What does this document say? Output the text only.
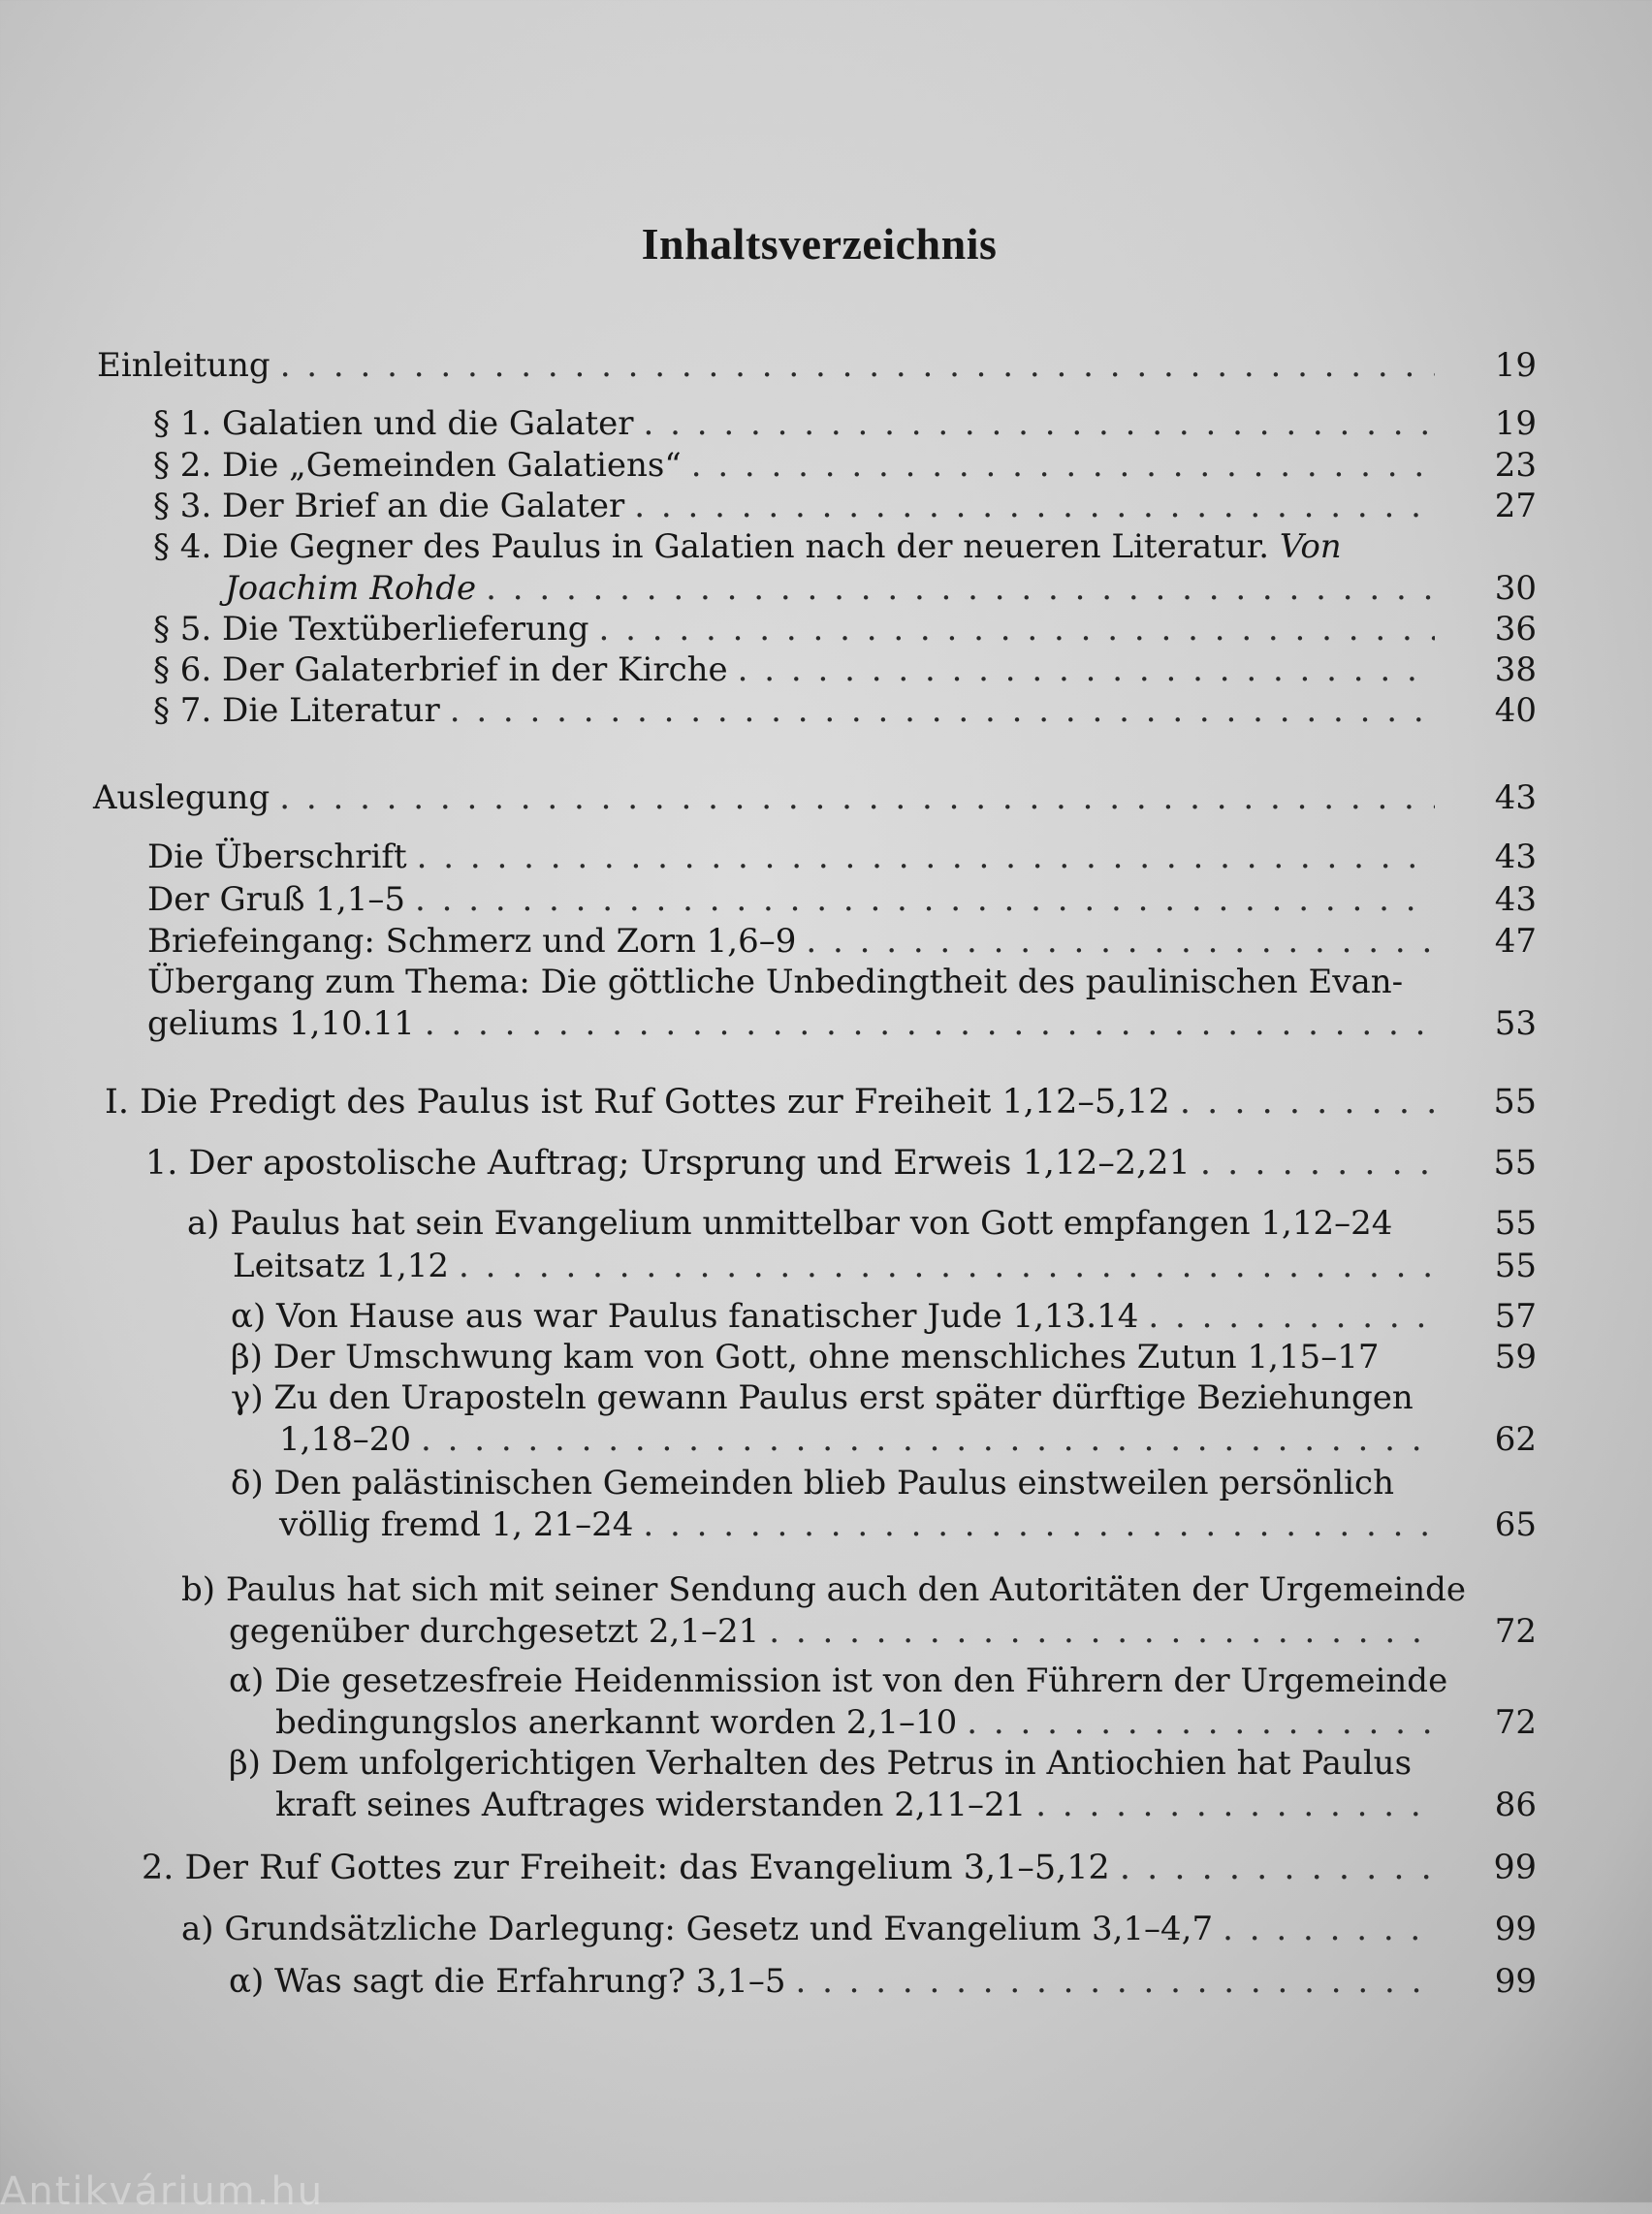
Inhaltsverzeichnis
Einleitung . . .	19
§ 1. Galatien und die Galater . . .	19
§ 2. Die „Gemeinden Galatiens“ . . .	23
§ 3. Der Brief an die Galater . . .	27
§ 4. Die Gegner des Paulus in Galatien nach der neueren Literatur. Von
Joachim Rohde . . .	30
§ 5. Die Textüberlieferung . . .	36
§ 6. Der Galaterbrief in der Kirche . . .	38
§ 7. Die Literatur . . .	40
Auslegung . . .	43
Die Überschrift . . .	43
Der Gruß 1,1–5 . . .	43
Briefeingang: Schmerz und Zorn 1,6–9 . . .	47
Übergang zum Thema: Die göttliche Unbedingtheit des paulinischen Evan-
geliums 1,10.11 . . .	53
I. Die Predigt des Paulus ist Ruf Gottes zur Freiheit 1,12–5,12 . . .	55
1. Der apostolische Auftrag; Ursprung und Erweis 1,12–2,21 . . .	55
a) Paulus hat sein Evangelium unmittelbar von Gott empfangen 1,12–24	55
Leitsatz 1,12 . . .	55
α) Von Hause aus war Paulus fanatischer Jude 1,13.14 . . .	57
β) Der Umschwung kam von Gott, ohne menschliches Zutun 1,15–17	59
γ) Zu den Uraposteln gewann Paulus erst später dürftige Beziehungen
1,18–20 . . .	62
δ) Den palästinischen Gemeinden blieb Paulus einstweilen persönlich
völlig fremd 1, 21–24 . . .	65
b) Paulus hat sich mit seiner Sendung auch den Autoritäten der Urgemeinde
gegenüber durchgesetzt 2,1–21 . . .	72
α) Die gesetzesfreie Heidenmission ist von den Führern der Urgemeinde
bedingungslos anerkannt worden 2,1–10 . . .	72
β) Dem unfolgerichtigen Verhalten des Petrus in Antiochien hat Paulus
kraft seines Auftrages widerstanden 2,11–21 . . .	86
2. Der Ruf Gottes zur Freiheit: das Evangelium 3,1–5,12 . . .	99
a) Grundsätzliche Darlegung: Gesetz und Evangelium 3,1–4,7 . . .	99
α) Was sagt die Erfahrung? 3,1–5 . . .	99
Antikvárium.hu
